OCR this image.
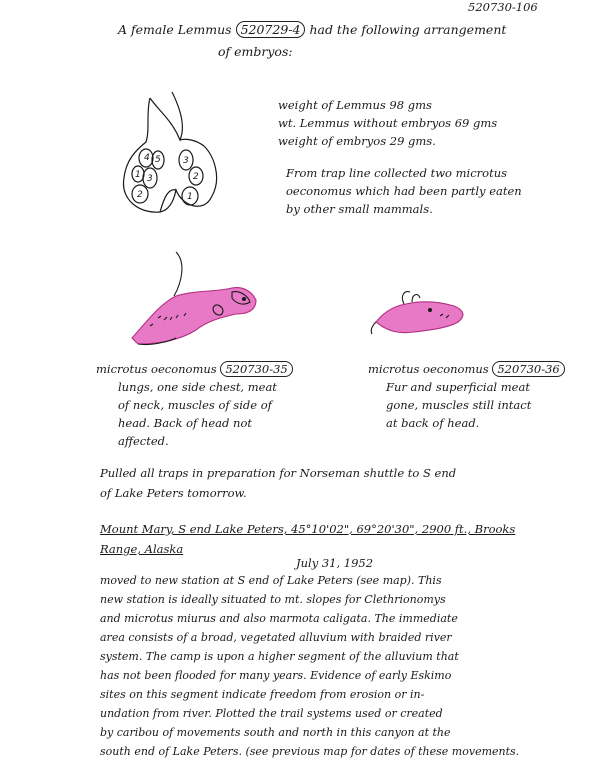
520730-106
A female Lemmus 520729-4 had the following arrangement
of embryos:
4 5
1 3
2
3
2
1
weight of Lemmus 98 gms
wt. Lemmus without embryos 69 gms
weight of embryos 29 gms.
From trap line collected two microtus
oeconomus which had been partly eaten
by other small mammals.
microtus oeconomus 520730-35
lungs, one side chest, meat
of neck, muscles of side of
head. Back of head not
affected.
microtus oeconomus 520730-36
Fur and superficial meat
gone, muscles still intact
at back of head.
Pulled all traps in preparation for Norseman shuttle to S end
of Lake Peters tomorrow.
Mount Mary, S end Lake Peters, 45°10'02", 69°20'30", 2900 ft., Brooks
Range, Alaska
July 31, 1952
moved to new station at S end of Lake Peters (see map). This
new station is ideally situated to mt. slopes for Clethrionomys
and microtus miurus and also marmota caligata. The immediate
area consists of a broad, vegetated alluvium with braided river
system. The camp is upon a higher segment of the alluvium that
has not been flooded for many years. Evidence of early Eskimo
sites on this segment indicate freedom from erosion or in-
undation from river. Plotted the trail systems used or created
by caribou of movements south and north in this canyon at the
south end of Lake Peters. (see previous map for dates of these movements.
